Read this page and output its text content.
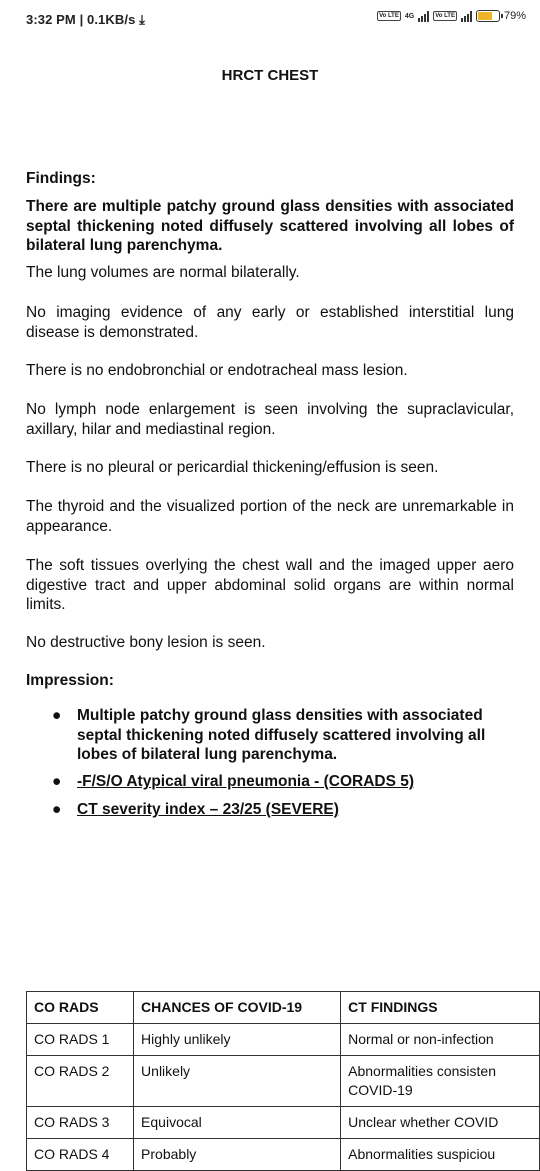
3:32 PM | 0.1KB/s ⤓	Vo LTE 4G	Vo LTE	79%
HRCT CHEST
Findings:
There are multiple patchy ground glass densities with associated septal thickening noted diffusely scattered involving all lobes of bilateral lung parenchyma.
The lung volumes are normal bilaterally.
No imaging evidence of any early or established interstitial lung disease is demonstrated.
There is no endobronchial or endotracheal mass lesion.
No lymph node enlargement is seen involving the supraclavicular, axillary, hilar and mediastinal region.
There is no pleural or pericardial thickening/effusion is seen.
The thyroid and the visualized portion of the neck are unremarkable in appearance.
The soft tissues overlying the chest wall and the imaged upper aero digestive tract and upper abdominal solid organs are within normal limits.
No destructive bony lesion is seen.
Impression:
● Multiple patchy ground glass densities with associated septal thickening noted diffusely scattered involving all lobes of bilateral lung parenchyma.
● -F/S/O Atypical viral pneumonia - (CORADS 5)
● CT severity index – 23/25 (SEVERE)
CO RADS	CHANCES OF COVID-19	CT FINDINGS
CO RADS 1	Highly unlikely	Normal or non-infection
CO RADS 2	Unlikely	Abnormalities consisten
COVID-19

CO RADS 3	Equivocal	Unclear whether COVID
CO RADS 4	Probably	Abnormalities suspiciou
